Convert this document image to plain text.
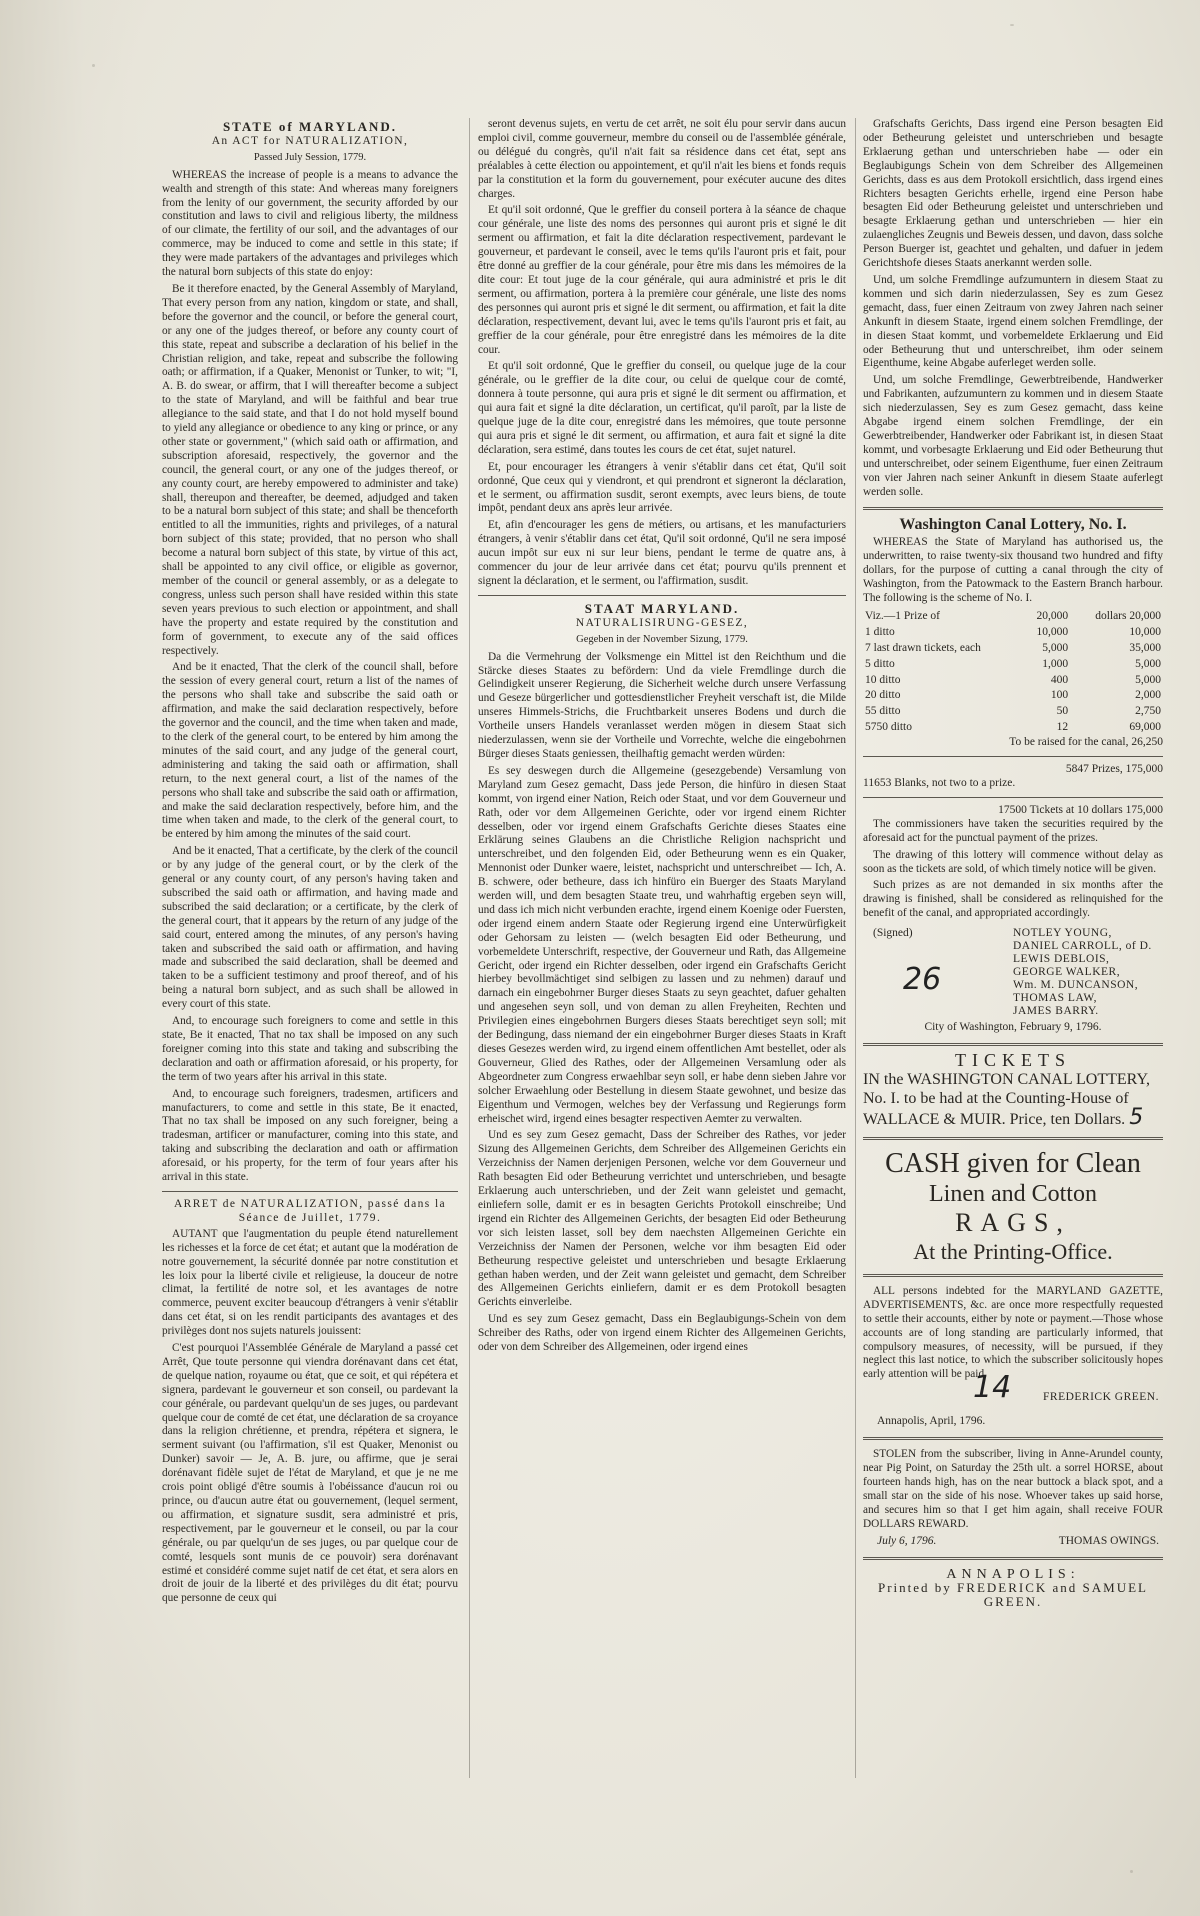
STATE of MARYLAND.
An ACT for NATURALIZATION,
Passed July Session, 1779.

WHEREAS the increase of people is a means to advance the wealth and strength of this state: And whereas many foreigners from the lenity of our government, the security afforded by our constitution and laws to civil and religious liberty, the mildness of our climate, the fertility of our soil, and the advantages of our commerce, may be induced to come and settle in this state; if they were made partakers of the advantages and privileges which the natural born subjects of this state do enjoy:

Be it therefore enacted, by the General Assembly of Maryland, That every person from any nation, kingdom or state, and shall, before the governor and the council, or before the general court, or any one of the judges thereof, or before any county court of this state, repeat and subscribe a declaration of his belief in the Christian religion, and take, repeat and subscribe the following oath; or affirmation, if a Quaker, Menonist or Tunker, to wit; "I, A. B. do swear, or affirm, that I will thereafter become a subject to the state of Maryland, and will be faithful and bear true allegiance to the said state, and that I do not hold myself bound to yield any allegiance or obedience to any king or prince, or any other state or government," (which said oath or affirmation, and subscription aforesaid, respectively, the governor and the council, the general court, or any one of the judges thereof, or any county court, are hereby empowered to administer and take) shall, thereupon and thereafter, be deemed, adjudged and taken to be a natural born subject of this state; and shall be thenceforth entitled to all the immunities, rights and privileges, of a natural born subject of this state; provided, that no person who shall become a natural born subject of this state, by virtue of this act, shall be appointed to any civil office, or eligible as governor, member of the council or general assembly, or as a delegate to congress, unless such person shall have resided within this state seven years previous to such election or appointment, and shall have the property and estate required by the constitution and form of government, to execute any of the said offices respectively.

And be it enacted, That the clerk of the council shall, before the session of every general court, return a list of the names of the persons who shall take and subscribe the said oath or affirmation, and make the said declaration respectively, before the governor and the council, and the time when taken and made, to the clerk of the general court, to be entered by him among the minutes of the said court, and any judge of the general court, administering and taking the said oath or affirmation, shall return, to the next general court, a list of the names of the persons who shall take and subscribe the said oath or affirmation, and make the said declaration respectively, before him, and the time when taken and made, to the clerk of the general court, to be entered by him among the minutes of the said court.

And be it enacted, That a certificate, by the clerk of the council or by any judge of the general court, or by the clerk of the general or any county court, of any person's having taken and subscribed the said oath or affirmation, and having made and subscribed the said declaration; or a certificate, by the clerk of the general court, that it appears by the return of any judge of the said court, entered among the minutes, of any person's having taken and subscribed the said oath or affirmation, and having made and subscribed the said declaration, shall be deemed and taken to be a sufficient testimony and proof thereof, and of his being a natural born subject, and as such shall be allowed in every court of this state.

And, to encourage such foreigners to come and settle in this state, Be it enacted, That no tax shall be imposed on any such foreigner coming into this state and taking and subscribing the declaration and oath or affirmation aforesaid, or his property, for the term of two years after his arrival in this state.

And, to encourage such foreigners, tradesmen, artificers and manufacturers, to come and settle in this state, Be it enacted, That no tax shall be imposed on any such foreigner, being a tradesman, artificer or manufacturer, coming into this state, and taking and subscribing the declaration and oath or affirmation aforesaid, or his property, for the term of four years after his arrival in this state.

ARRET de NATURALIZATION, passé dans la Séance de Juillet, 1779.

AUTANT que l'augmentation du peuple étend naturellement les richesses et la force de cet état; et autant que la modération de notre gouvernement, la sécurité donnée par notre constitution et les loix pour la liberté civile et religieuse, la douceur de notre climat, la fertilité de notre sol, et les avantages de notre commerce, peuvent exciter beaucoup d'étrangers à venir s'établir dans cet état, si on les rendit participants des avantages et des privilèges dont nos sujets naturels jouissent:

C'est pourquoi l'Assemblée Générale de Maryland a passé cet Arrêt, Que toute personne qui viendra dorénavant dans cet état, de quelque nation, royaume ou état, que ce soit, et qui répétera et signera, pardevant le gouverneur et son conseil, ou pardevant la cour générale, ou pardevant quelqu'un de ses juges, ou pardevant quelque cour de comté de cet état, une déclaration de sa croyance dans la religion chrétienne, et prendra, répétera et signera, le serment suivant (ou l'affirmation, s'il est Quaker, Menonist ou Dunker) savoir — Je, A. B. jure, ou affirme, que je serai dorénavant fidèle sujet de l'état de Maryland, et que je ne me crois point obligé d'être soumis à l'obéissance d'aucun roi ou prince, ou d'aucun autre état ou gouvernement, (lequel serment, ou affirmation, et signature susdit, sera administré et pris, respectivement, par le gouverneur et le conseil, ou par la cour générale, ou par quelqu'un de ses juges, ou par quelque cour de comté, lesquels sont munis de ce pouvoir) sera dorénavant estimé et considéré comme sujet natif de cet état, et sera alors en droit de jouir de la liberté et des privilèges du dit état; pourvu que personne de ceux qui

seront devenus sujets, en vertu de cet arrêt, ne soit élu pour servir dans aucun emploi civil, comme gouverneur, membre du conseil ou de l'assemblée générale, ou délégué du congrès, qu'il n'ait fait sa résidence dans cet état, sept ans préalables à cette élection ou appointement, et qu'il n'ait les biens et fonds requis par la constitution et la form du gouvernement, pour exécuter aucune des dites charges.

Et qu'il soit ordonné, Que le greffier du conseil portera à la séance de chaque cour générale, une liste des noms des personnes qui auront pris et signé le dit serment ou affirmation, et fait la dite déclaration respectivement, pardevant le gouverneur, et pardevant le conseil, avec le tems qu'ils l'auront pris et fait, pour être donné au greffier de la cour générale, pour être mis dans les mémoires de la dite cour: Et tout juge de la cour générale, qui aura administré et pris le dit serment, ou affirmation, portera à la première cour générale, une liste des noms des personnes qui auront pris et signé le dit serment, ou affirmation, et fait la dite déclaration, respectivement, devant lui, avec le tems qu'ils l'auront pris et fait, au greffier de la cour générale, pour être enregistré dans les mémoires de la dite cour.

Et qu'il soit ordonné, Que le greffier du conseil, ou quelque juge de la cour générale, ou le greffier de la dite cour, ou celui de quelque cour de comté, donnera à toute personne, qui aura pris et signé le dit serment ou affirmation, et qui aura fait et signé la dite déclaration, un certificat, qu'il paroît, par la liste de quelque juge de la dite cour, enregistré dans les mémoires, que toute personne qui aura pris et signé le dit serment, ou affirmation, et aura fait et signé la dite déclaration, sera estimé, dans toutes les cours de cet état, sujet naturel.

Et, pour encourager les étrangers à venir s'établir dans cet état, Qu'il soit ordonné, Que ceux qui y viendront, et qui prendront et signeront la déclaration, et le serment, ou affirmation susdit, seront exempts, avec leurs biens, de toute impôt, pendant deux ans après leur arrivée.

Et, afin d'encourager les gens de métiers, ou artisans, et les manufacturiers étrangers, à venir s'établir dans cet état, Qu'il soit ordonné, Qu'il ne sera imposé aucun impôt sur eux ni sur leur biens, pendant le terme de quatre ans, à commencer du jour de leur arrivée dans cet état; pourvu qu'ils prennent et signent la déclaration, et le serment, ou l'affirmation, susdit.

STAAT MARYLAND.
NATURALISIRUNG-GESEZ,
Gegeben in der November Sizung, 1779.

Da die Vermehrung der Volksmenge ein Mittel ist den Reichthum und die Stärcke dieses Staates zu befördern: Und da viele Fremdlinge durch die Gelindigkeit unserer Regierung, die Sicherheit welche durch unsere Verfassung und Geseze bürgerlicher und gottesdienstlicher Freyheit verschaft ist, die Milde unseres Himmels-Strichs, die Fruchtbarkeit unseres Bodens und durch die Vortheile unsers Handels veranlasset werden mögen in diesem Staat sich niederzulassen, wenn sie der Vortheile und Vorrechte, welche die eingebohrnen Bürger dieses Staats geniessen, theilhaftig gemacht werden würden:

Es sey deswegen durch die Allgemeine (gesezgebende) Versamlung von Maryland zum Gesez gemacht, Dass jede Person, die hinfüro in diesen Staat kommt, von irgend einer Nation, Reich oder Staat, und vor dem Gouverneur und Rath, oder vor dem Allgemeinen Gerichte, oder vor irgend einem Richter desselben, oder vor irgend einem Grafschafts Gerichte dieses Staates eine Erklärung seines Glaubens an die Christliche Religion nachspricht und unterschreibet, und den folgenden Eid, oder Betheurung wenn es ein Quaker, Mennonist oder Dunker waere, leistet, nachspricht und unterschreibet — Ich, A. B. schwere, oder betheure, dass ich hinfüro ein Buerger des Staats Maryland werden will, und dem besagten Staate treu, und wahrhaftig ergeben seyn will, und dass ich mich nicht verbunden erachte, irgend einem Koenige oder Fuersten, oder irgend einem andern Staate oder Regierung irgend eine Unterwürfigkeit oder Gehorsam zu leisten — (welch besagten Eid oder Betheurung, und vorbemeldete Unterschrift, respective, der Gouverneur und Rath, das Allgemeine Gericht, oder irgend ein Richter desselben, oder irgend ein Grafschafts Gericht hierbey bevollmächtiget sind selbigen zu lassen und zu nehmen) darauf und darnach ein eingebohrner Burger dieses Staats zu seyn geachtet, dafuer gehalten und angesehen seyn soll, und von deman zu allen Freyheiten, Rechten und Privilegien eines eingebohrnen Burgers dieses Staats berechtiget seyn soll; mit der Bedingung, dass niemand der ein eingebohrner Burger dieses Staats in Kraft dieses Gesezes werden wird, zu irgend einem offentlichen Amt bestellet, oder als Gouverneur, Glied des Rathes, oder der Allgemeinen Versamlung oder als Abgeordneter zum Congress erwaehlbar seyn soll, er habe denn sieben Jahre vor solcher Erwaehlung oder Bestellung in diesem Staate gewohnet, und besize das Eigenthum und Vermogen, welches bey der Verfassung und Regierungs form erheischet wird, irgend eines besagter respectiven Aemter zu verwalten.

Und es sey zum Gesez gemacht, Dass der Schreiber des Rathes, vor jeder Sizung des Allgemeinen Gerichts, dem Schreiber des Allgemeinen Gerichts ein Verzeichniss der Namen derjenigen Personen, welche vor dem Gouverneur und Rath besagten Eid oder Betheurung verrichtet und unterschrieben, und besagte Erklaerung auch unterschrieben, und der Zeit wann geleistet und gemacht, einliefern solle, damit er es in besagten Gerichts Protokoll einschreibe; Und irgend ein Richter des Allgemeinen Gerichts, der besagten Eid oder Betheurung vor sich leisten lasset, soll bey dem naechsten Allgemeinen Gerichte ein Verzeichniss der Namen der Personen, welche vor ihm besagten Eid oder Betheurung respective geleistet und unterschrieben und besagte Erklaerung gethan haben werden, und der Zeit wann geleistet und gemacht, dem Schreiber des Allgemeinen Gerichts einliefern, damit er es dem Protokoll besagten Gerichts einverleibe.

Und es sey zum Gesez gemacht, Dass ein Beglaubigungs-Schein von dem Schreiber des Raths, oder von irgend einem Richter des Allgemeinen Gerichts, oder von dem Schreiber des Allgemeinen, oder irgend eines

Grafschafts Gerichts, Dass irgend eine Person besagten Eid oder Betheurung geleistet und unterschrieben und besagte Erklaerung gethan und unterschrieben habe — oder ein Beglaubigungs Schein von dem Schreiber des Allgemeinen Gerichts, dass es aus dem Protokoll ersichtlich, dass irgend eines Richters besagten Gerichts erhelle, irgend eine Person habe besagten Eid oder Betheurung geleistet und unterschrieben und besagte Erklaerung gethan und unterschrieben — hier ein zulaengliches Zeugnis und Beweis dessen, und davon, dass solche Person Buerger ist, geachtet und gehalten, und dafuer in jedem Gerichtshofe dieses Staats anerkannt werden solle.

Und, um solche Fremdlinge aufzumuntern in diesem Staat zu kommen und sich darin niederzulassen, Sey es zum Gesez gemacht, dass, fuer einen Zeitraum von zwey Jahren nach seiner Ankunft in diesem Staate, irgend einem solchen Fremdlinge, der in diesen Staat kommt, und vorbemeldete Erklaerung und Eid oder Betheurung thut und unterschreibet, ihm oder seinem Eigenthume, keine Abgabe auferleget werden solle.

Und, um solche Fremdlinge, Gewerbtreibende, Handwerker und Fabrikanten, aufzumuntern zu kommen und in diesem Staate sich niederzulassen, Sey es zum Gesez gemacht, dass keine Abgabe irgend einem solchen Fremdlinge, der ein Gewerbtreibender, Handwerker oder Fabrikant ist, in diesen Staat kommt, und vorbesagte Erklaerung und Eid oder Betheurung thut und unterschreibet, oder seinem Eigenthume, fuer einen Zeitraum von vier Jahren nach seiner Ankunft in diesem Staate auferlegt werden solle.

Washington Canal Lottery, No. I.

WHEREAS the State of Maryland has authorised us, the underwritten, to raise twenty-six thousand two hundred and fifty dollars, for the purpose of cutting a canal through the city of Washington, from the Patowmack to the Eastern Branch harbour. The following is the scheme of No. I.

Viz.—1 Prize of	20,000	dollars 20,000
1 ditto	10,000	10,000
7 last drawn tickets, each	5,000	35,000
5 ditto	1,000	5,000
10 ditto	400	5,000
20 ditto	100	2,000
55 ditto	50	2,750
5750 ditto	12	69,000
To be raised for the canal, 26,250
5847 Prizes, 175,000
11653 Blanks, not two to a prize.
17500 Tickets at 10 dollars 175,000

The commissioners have taken the securities required by the aforesaid act for the punctual payment of the prizes.

The drawing of this lottery will commence without delay as soon as the tickets are sold, of which timely notice will be given.

Such prizes as are not demanded in six months after the drawing is finished, shall be considered as relinquished for the benefit of the canal, and appropriated accordingly.

(Signed)
26
NOTLEY YOUNG,
DANIEL CARROLL, of D.
LEWIS DEBLOIS,
GEORGE WALKER,
Wm. M. DUNCANSON,
THOMAS LAW,
JAMES BARRY.
City of Washington, February 9, 1796.
TICKETS
IN the WASHINGTON CANAL LOTTERY, No. I. to be had at the Counting-House of WALLACE & MUIR. Price, ten Dollars. 5
CASH given for Clean
Linen and Cotton
RAGS,
At the Printing-Office.

ALL persons indebted for the MARYLAND GAZETTE, ADVERTISEMENTS, &c. are once more respectfully requested to settle their accounts, either by note or payment.—Those whose accounts are of long standing are particularly informed, that compulsory measures, of necessity, will be pursued, if they neglect this last notice, to which the subscriber solicitously hopes early attention will be paid.

14	FREDERICK GREEN.
Annapolis, April, 1796.

STOLEN from the subscriber, living in Anne-Arundel county, near Pig Point, on Saturday the 25th ult. a sorrel HORSE, about fourteen hands high, has on the near buttock a black spot, and a small star on the side of his nose. Whoever takes up said horse, and secures him so that I get him again, shall receive FOUR DOLLARS REWARD.

July 6, 1796.	THOMAS OWINGS.
ANNAPOLIS:
Printed by FREDERICK and SAMUEL GREEN.
